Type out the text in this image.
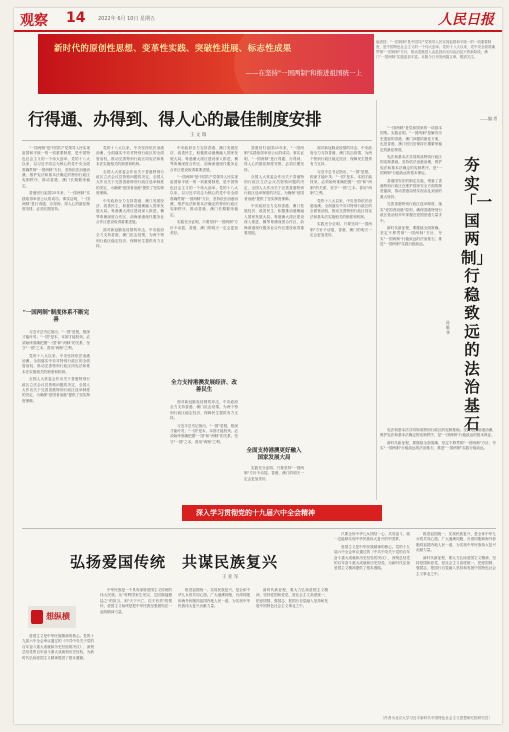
观察 14	2022年 6月 10日 星期五	人民日报
新时代的原创性思想、变革性实践、突破性进展、标志性成果
——在坚持"一国两制"和推进祖国统一上
编者按："一国两制"是中国共产党领导人民实现祖国和平统一的一项重要制度，是中国特色社会主义的一个伟大创举。党的十八大以来，党中央全面准确贯彻"一国两制"方针，推动香港进入由乱到治走向由治及兴的新阶段，澳门"一国两制"实践更加丰富。本版今日刊发两篇文章，敬请关注。
——编 者
行得通、办得到、得人心的最佳制度安排
王 文 瑞

"一国两制"是中国共产党领导人民实现祖国和平统一的一项重要制度，是中国特色社会主义的一个伟大创举。党的十八大以来，以习近平同志为核心的党中央全面准确贯彻"一国两制"方针，坚持依法治港治澳，维护宪法和基本法确定的特别行政区宪制秩序，推动香港、澳门长期繁荣稳定。

香港回归祖国25年来，"一国两制"实践取得举世公认的成功。事实证明，"一国两制"是行得通、办得到、得人心的最佳制度安排，必须长期坚持。

"一国两制"制度体系不断完善

习近平总书记指出，"一国"是根，根深才能叶茂；"一国"是本，本固才能枝荣。必须始终准确把握"一国"和"两制"的关系，坚守"一国"之本，善用"两制"之利。

党的十八大以来，中央坚持依法治港治澳，全面落实中央对特别行政区的全面管治权，推动完善特别行政区同宪法和基本法实施相关的制度和机制。

全国人大常委会作出关于香港特别行政区立法会议员资格问题的决定，全国人大作出关于完善香港特别行政区选举制度的决定，为确保"爱国者治港"提供了坚实制度保障。

党的十八大以来，中央坚持依法治港治澳，全面落实中央对特别行政区的全面管治权，推动完善特别行政区同宪法和基本法实施相关的制度和机制。

全国人大常委会作出关于香港特别行政区立法会议员资格问题的决定，全国人大作出关于完善香港特别行政区选举制度的决定，为确保"爱国者治港"提供了坚实制度保障。

中央政府全力支持香港、澳门发展经济、改善民生，积极推动港澳融入国家发展大局。粤港澳大湾区建设深入推进，横琴粤澳深度合作区、前海深港现代服务业合作区建设取得重要进展。

面对新冠肺炎疫情的冲击，中央政府全力支持香港、澳门抗击疫情，为两个特别行政区稳定经济、保障民生提供有力支持。

中央政府全力支持香港、澳门发展经济、改善民生，积极推动港澳融入国家发展大局。粤港澳大湾区建设深入推进，横琴粤澳深度合作区、前海深港现代服务业合作区建设取得重要进展。

"一国两制"是中国共产党领导人民实现祖国和平统一的一项重要制度，是中国特色社会主义的一个伟大创举。党的十八大以来，以习近平同志为核心的党中央全面准确贯彻"一国两制"方针，坚持依法治港治澳，维护宪法和基本法确定的特别行政区宪制秩序，推动香港、澳门长期繁荣稳定。

实践充分证明，只要坚持"一国两制"方针不动摇，香港、澳门的明天一定会更加美好。

全力支持港澳发展经济、改善民生

面对新冠肺炎疫情的冲击，中央政府全力支持香港、澳门抗击疫情，为两个特别行政区稳定经济、保障民生提供有力支持。

习近平总书记指出，"一国"是根，根深才能叶茂；"一国"是本，本固才能枝荣。必须始终准确把握"一国"和"两制"的关系，坚守"一国"之本，善用"两制"之利。

香港回归祖国25年来，"一国两制"实践取得举世公认的成功。事实证明，"一国两制"是行得通、办得到、得人心的最佳制度安排，必须长期坚持。

全国人大常委会作出关于香港特别行政区立法会议员资格问题的决定，全国人大作出关于完善香港特别行政区选举制度的决定，为确保"爱国者治港"提供了坚实制度保障。

中央政府全力支持香港、澳门发展经济、改善民生，积极推动港澳融入国家发展大局。粤港澳大湾区建设深入推进，横琴粤澳深度合作区、前海深港现代服务业合作区建设取得重要进展。

全面支持港澳更好融入国家发展大局

实践充分证明，只要坚持"一国两制"方针不动摇，香港、澳门的明天一定会更加美好。

面对新冠肺炎疫情的冲击，中央政府全力支持香港、澳门抗击疫情，为两个特别行政区稳定经济、保障民生提供有力支持。

习近平总书记指出，"一国"是根，根深才能叶茂；"一国"是本，本固才能枝荣。必须始终准确把握"一国"和"两制"的关系，坚守"一国"之本，善用"两制"之利。

党的十八大以来，中央坚持依法治港治澳，全面落实中央对特别行政区的全面管治权，推动完善特别行政区同宪法和基本法实施相关的制度和机制。

实践充分证明，只要坚持"一国两制"方针不动摇，香港、澳门的明天一定会更加美好。

"一国两制"是党和国家的一项基本国策。实践证明，"一国两制"是解决历史遗留的香港、澳门问题的最佳方案，也是香港、澳门回归后保持长期繁荣稳定的最佳制度。

宪法和基本法共同构成特别行政区的宪制基础。坚持依法治港治澳，维护宪法和基本法确定的宪制秩序，是"一国两制"行稳致远的根本保证。

香港国安法的制定实施，堵塞了香港特别行政区在维护国家安全方面的制度漏洞，推动香港局势实现由乱到治的重大转折。

完善香港特别行政区选举制度，落实"爱国者治港"原则，确保香港特别行政区管治权牢牢掌握在爱国爱港力量手中。

新时代新征程，要继续全面准确、坚定不移贯彻"一国两制"方针，夯实"一国两制"行稳致远的法治基石，推进"一国两制"实践行稳致远。

夯实「一国两制」行稳致远的法治基石
孙 维 华

宪法和基本法共同构成特别行政区的宪制基础。坚持依法治港治澳，维护宪法和基本法确定的宪制秩序，是"一国两制"行稳致远的根本保证。

新时代新征程，要继续全面准确、坚定不移贯彻"一国两制"方针，夯实"一国两制"行稳致远的法治基石，推进"一国两制"实践行稳致远。

深入学习贯彻党的十九届六中全会精神
弘扬爱国传统　共谋民族复兴
王 亚 军
想纵横

爱国主义是中华民族精神的核心。党的十九届六中全会审议通过的《中共中央关于党的百年奋斗重大成就和历史经验的决议》，深刻总结党的百年奋斗重大成就和历史经验，为新时代弘扬爱国主义精神提供了根本遵循。

中华民族是一个具有深厚爱国主义传统的伟大民族。从"苟利国家生死以，岂因祸福避趋之"的担当，到"天下兴亡，匹夫有责"的情怀，爱国主义始终是把中华民族坚强团结在一起的精神力量。

推进祖国统一、实现民族复兴，是全体中华儿女的共同心愿。广大港澳同胞、台湾同胞和海外侨胞同祖国内地人民一道，为实现中华民族伟大复兴贡献力量。

新时代新征程，要大力弘扬爱国主义精神，坚持爱国和爱党、爱社会主义高度统一，把爱国情、强国志、报国行自觉融入坚持和发展中国特色社会主义事业之中。

只要全体中华儿女团结一心、共同奋斗，就一定能够实现中华民族伟大复兴的中国梦。

爱国主义是中华民族精神的核心。党的十九届六中全会审议通过的《中共中央关于党的百年奋斗重大成就和历史经验的决议》，深刻总结党的百年奋斗重大成就和历史经验，为新时代弘扬爱国主义精神提供了根本遵循。

推进祖国统一、实现民族复兴，是全体中华儿女的共同心愿。广大港澳同胞、台湾同胞和海外侨胞同祖国内地人民一道，为实现中华民族伟大复兴贡献力量。

新时代新征程，要大力弘扬爱国主义精神，坚持爱国和爱党、爱社会主义高度统一，把爱国情、强国志、报国行自觉融入坚持和发展中国特色社会主义事业之中。

（作者为北京大学习近平新时代中国特色社会主义思想研究院研究员）
